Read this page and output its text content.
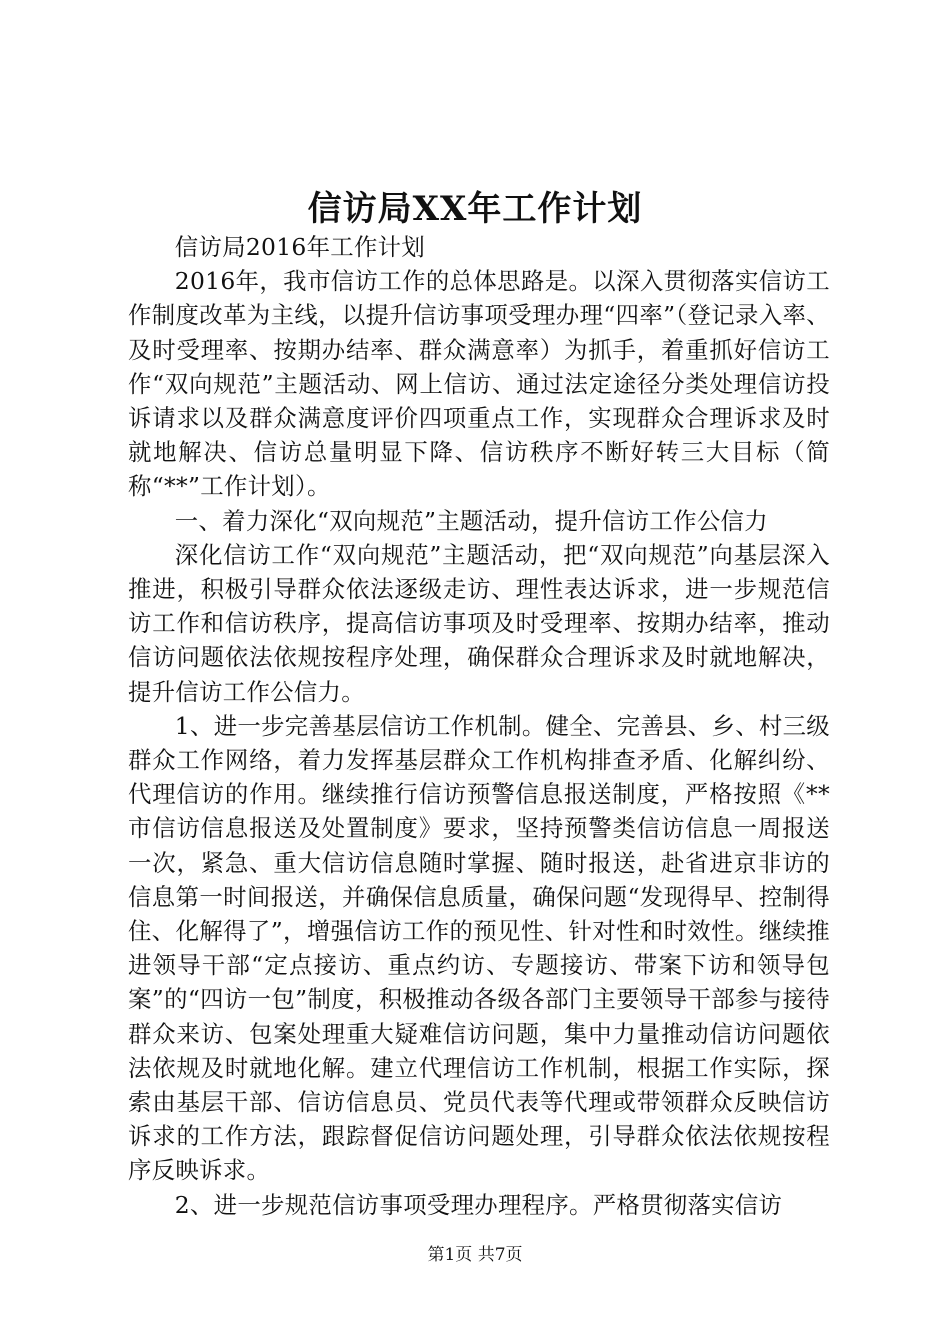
信访局XX年工作计划

信访局2016年工作计划

2016年，我市信访工作的总体思路是。以深入贯彻落实信访工作制度改革为主线，以提升信访事项受理办理“四率”（登记录入率、及时受理率、按期办结率、群众满意率）为抓手，着重抓好信访工作“双向规范”主题活动、网上信访、通过法定途径分类处理信访投诉请求以及群众满意度评价四项重点工作，实现群众合理诉求及时就地解决、信访总量明显下降、信访秩序不断好转三大目标（简称“**”工作计划）。

一、着力深化“双向规范”主题活动，提升信访工作公信力

深化信访工作“双向规范”主题活动，把“双向规范”向基层深入推进，积极引导群众依法逐级走访、理性表达诉求，进一步规范信访工作和信访秩序，提高信访事项及时受理率、按期办结率，推动信访问题依法依规按程序处理，确保群众合理诉求及时就地解决，提升信访工作公信力。

1、进一步完善基层信访工作机制。健全、完善县、乡、村三级群众工作网络，着力发挥基层群众工作机构排查矛盾、化解纠纷、代理信访的作用。继续推行信访预警信息报送制度，严格按照《**市信访信息报送及处置制度》要求，坚持预警类信访信息一周报送一次，紧急、重大信访信息随时掌握、随时报送，赴省进京非访的信息第一时间报送，并确保信息质量，确保问题“发现得早、控制得住、化解得了”，增强信访工作的预见性、针对性和时效性。继续推进领导干部“定点接访、重点约访、专题接访、带案下访和领导包案”的“四访一包”制度，积极推动各级各部门主要领导干部参与接待群众来访、包案处理重大疑难信访问题，集中力量推动信访问题依法依规及时就地化解。建立代理信访工作机制，根据工作实际，探索由基层干部、信访信息员、党员代表等代理或带领群众反映信访诉求的工作方法，跟踪督促信访问题处理，引导群众依法依规按程序反映诉求。

2、进一步规范信访事项受理办理程序。严格贯彻落实信访

第1页 共7页
